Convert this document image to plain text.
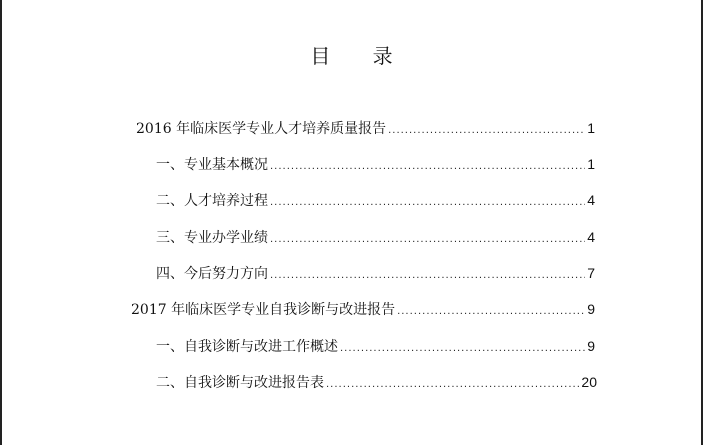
目 录
2016 年临床医学专业人才培养质量报告 .....	1
一、专业基本概况 .....	1
二、人才培养过程 .....	4
三、专业办学业绩 .....	4
四、今后努力方向 .....	7
2017 年临床医学专业自我诊断与改进报告 .....	9
一、自我诊断与改进工作概述 .....	9
二、自我诊断与改进报告表 .....	20
